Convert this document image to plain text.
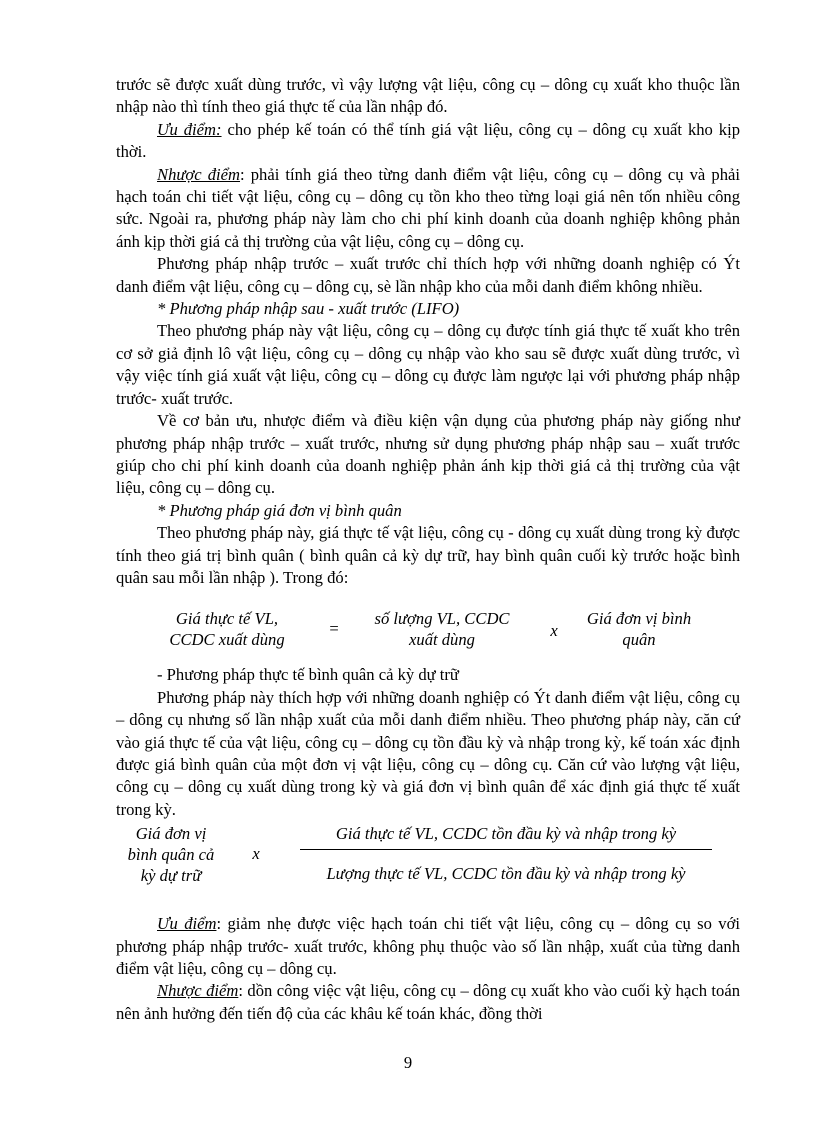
trước sẽ được xuất dùng trước, vì vậy lượng vật liệu, công cụ – dông cụ xuất kho thuộc lần nhập nào thì tính theo giá thực tế của lần nhập đó.

Ưu điểm: cho phép kế toán có thể tính giá vật liệu, công cụ – dông cụ xuất kho kịp thời.

Nhược điểm: phải tính giá theo từng danh điểm vật liệu, công cụ – dông cụ và phải hạch toán chi tiết vật liệu, công cụ – dông cụ tồn kho theo từng loại giá nên tốn nhiều công sức. Ngoài ra, phương pháp này làm cho chi phí kinh doanh của doanh nghiệp không phản ánh kịp thời giá cả thị trường của vật liệu, công cụ – dông cụ.

Phương pháp nhập trước – xuất trước chỉ thích hợp với những doanh nghiệp có Ýt danh điểm vật liệu, công cụ – dông cụ, sè lần nhập kho của mỗi danh điểm không nhiều.

* Phương pháp nhập sau - xuất trước (LIFO)

Theo phương pháp này vật liệu, công cụ – dông cụ được tính giá thực tế xuất kho trên cơ sở giả định lô vật liệu, công cụ – dông cụ nhập vào kho sau sẽ được xuất dùng trước, vì vậy việc tính giá xuất vật liệu, công cụ – dông cụ được làm ngược lại với phương pháp nhập trước- xuất trước.

Về cơ bản ưu, nhược điểm và điều kiện vận dụng của phương pháp này giống như phương pháp nhập trước – xuất trước, nhưng sử dụng phương pháp nhập sau – xuất trước giúp cho chi phí kinh doanh của doanh nghiệp phản ánh kịp thời giá cả thị trường của vật liệu, công cụ – dông cụ.

* Phương pháp giá đơn vị bình quân

Theo phương pháp này, giá thực tế vật liệu, công cụ - dông cụ xuất dùng trong kỳ được tính theo giá trị bình quân ( bình quân cả kỳ dự trữ, hay bình quân cuối kỳ trước hoặc bình quân sau mỗi lần nhập ). Trong đó:

Giá thực tế VL,
CCDC xuất dùng
=
số lượng VL, CCDC
xuất dùng	x
Giá đơn vị bình
quân

- Phương pháp thực tế bình quân cả kỳ dự trữ

Phương pháp này thích hợp với những doanh nghiệp có Ýt danh điểm vật liệu, công cụ – dông cụ nhưng số lần nhập xuất của mỗi danh điểm nhiều. Theo phương pháp này, căn cứ vào giá thực tế của vật liệu, công cụ – dông cụ tồn đầu kỳ và nhập trong kỳ, kế toán xác định được giá bình quân của một đơn vị vật liệu, công cụ – dông cụ. Căn cứ vào lượng vật liệu, công cụ – dông cụ xuất dùng trong kỳ và giá đơn vị bình quân để xác định giá thực tế xuất trong kỳ.

Giá đơn vị
bình quân cả
kỳ dự trữ
x
Giá thực tế VL, CCDC tồn đầu kỳ và nhập trong kỳ
Lượng thực tế VL, CCDC tồn đầu kỳ và nhập trong kỳ

Ưu điểm: giảm nhẹ được việc hạch toán chi tiết vật liệu, công cụ – dông cụ so với phương pháp nhập trước- xuất trước, không phụ thuộc vào số lần nhập, xuất của từng danh điểm vật liệu, công cụ – dông cụ.

Nhược điểm: dồn công việc vật liệu, công cụ – dông cụ xuất kho vào cuối kỳ hạch toán nên ảnh hưởng đến tiến độ của các khâu kế toán khác, đồng thời

9
